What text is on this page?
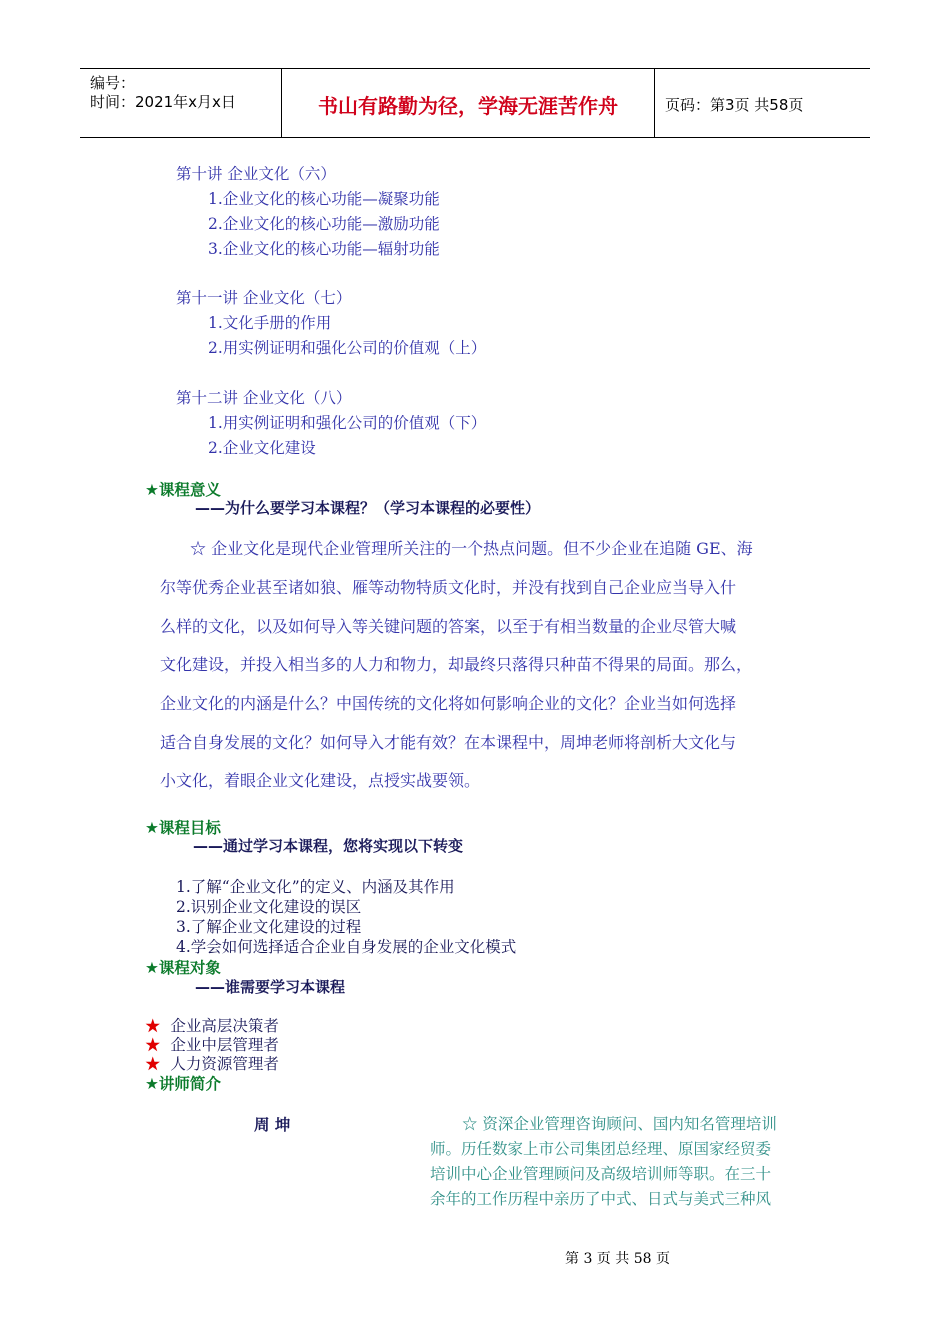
编号：
时间：2021年x月x日	书山有路勤为径，学海无涯苦作舟	页码：第3页 共58页
第十讲 企业文化（六）
1.企业文化的核心功能—凝聚功能
2.企业文化的核心功能—激励功能
3.企业文化的核心功能—辐射功能
第十一讲 企业文化（七）
1.文化手册的作用
2.用实例证明和强化公司的价值观（上）
第十二讲 企业文化（八）
1.用实例证明和强化公司的价值观（下）
2.企业文化建设
★课程意义
——为什么要学习本课程？（学习本课程的必要性）
☆ 企业文化是现代企业管理所关注的一个热点问题。但不少企业在追随 GE、海
尔等优秀企业甚至诸如狼、雁等动物特质文化时，并没有找到自己企业应当导入什
么样的文化，以及如何导入等关键问题的答案，以至于有相当数量的企业尽管大喊
文化建设，并投入相当多的人力和物力，却最终只落得只种苗不得果的局面。那么，
企业文化的内涵是什么？中国传统的文化将如何影响企业的文化？企业当如何选择
适合自身发展的文化？如何导入才能有效？在本课程中，周坤老师将剖析大文化与
小文化，着眼企业文化建设，点授实战要领。
★课程目标
——通过学习本课程，您将实现以下转变
1.了解“企业文化”的定义、内涵及其作用
2.识别企业文化建设的误区
3.了解企业文化建设的过程
4.学会如何选择适合企业自身发展的企业文化模式
★课程对象
——谁需要学习本课程
★ 企业高层决策者
★ 企业中层管理者
★ 人力资源管理者
★讲师简介
周 坤	☆ 资深企业管理咨询顾问、国内知名管理培训
师。历任数家上市公司集团总经理、原国家经贸委
培训中心企业管理顾问及高级培训师等职。在三十
余年的工作历程中亲历了中式、日式与美式三种风
第 3 页 共 58 页
